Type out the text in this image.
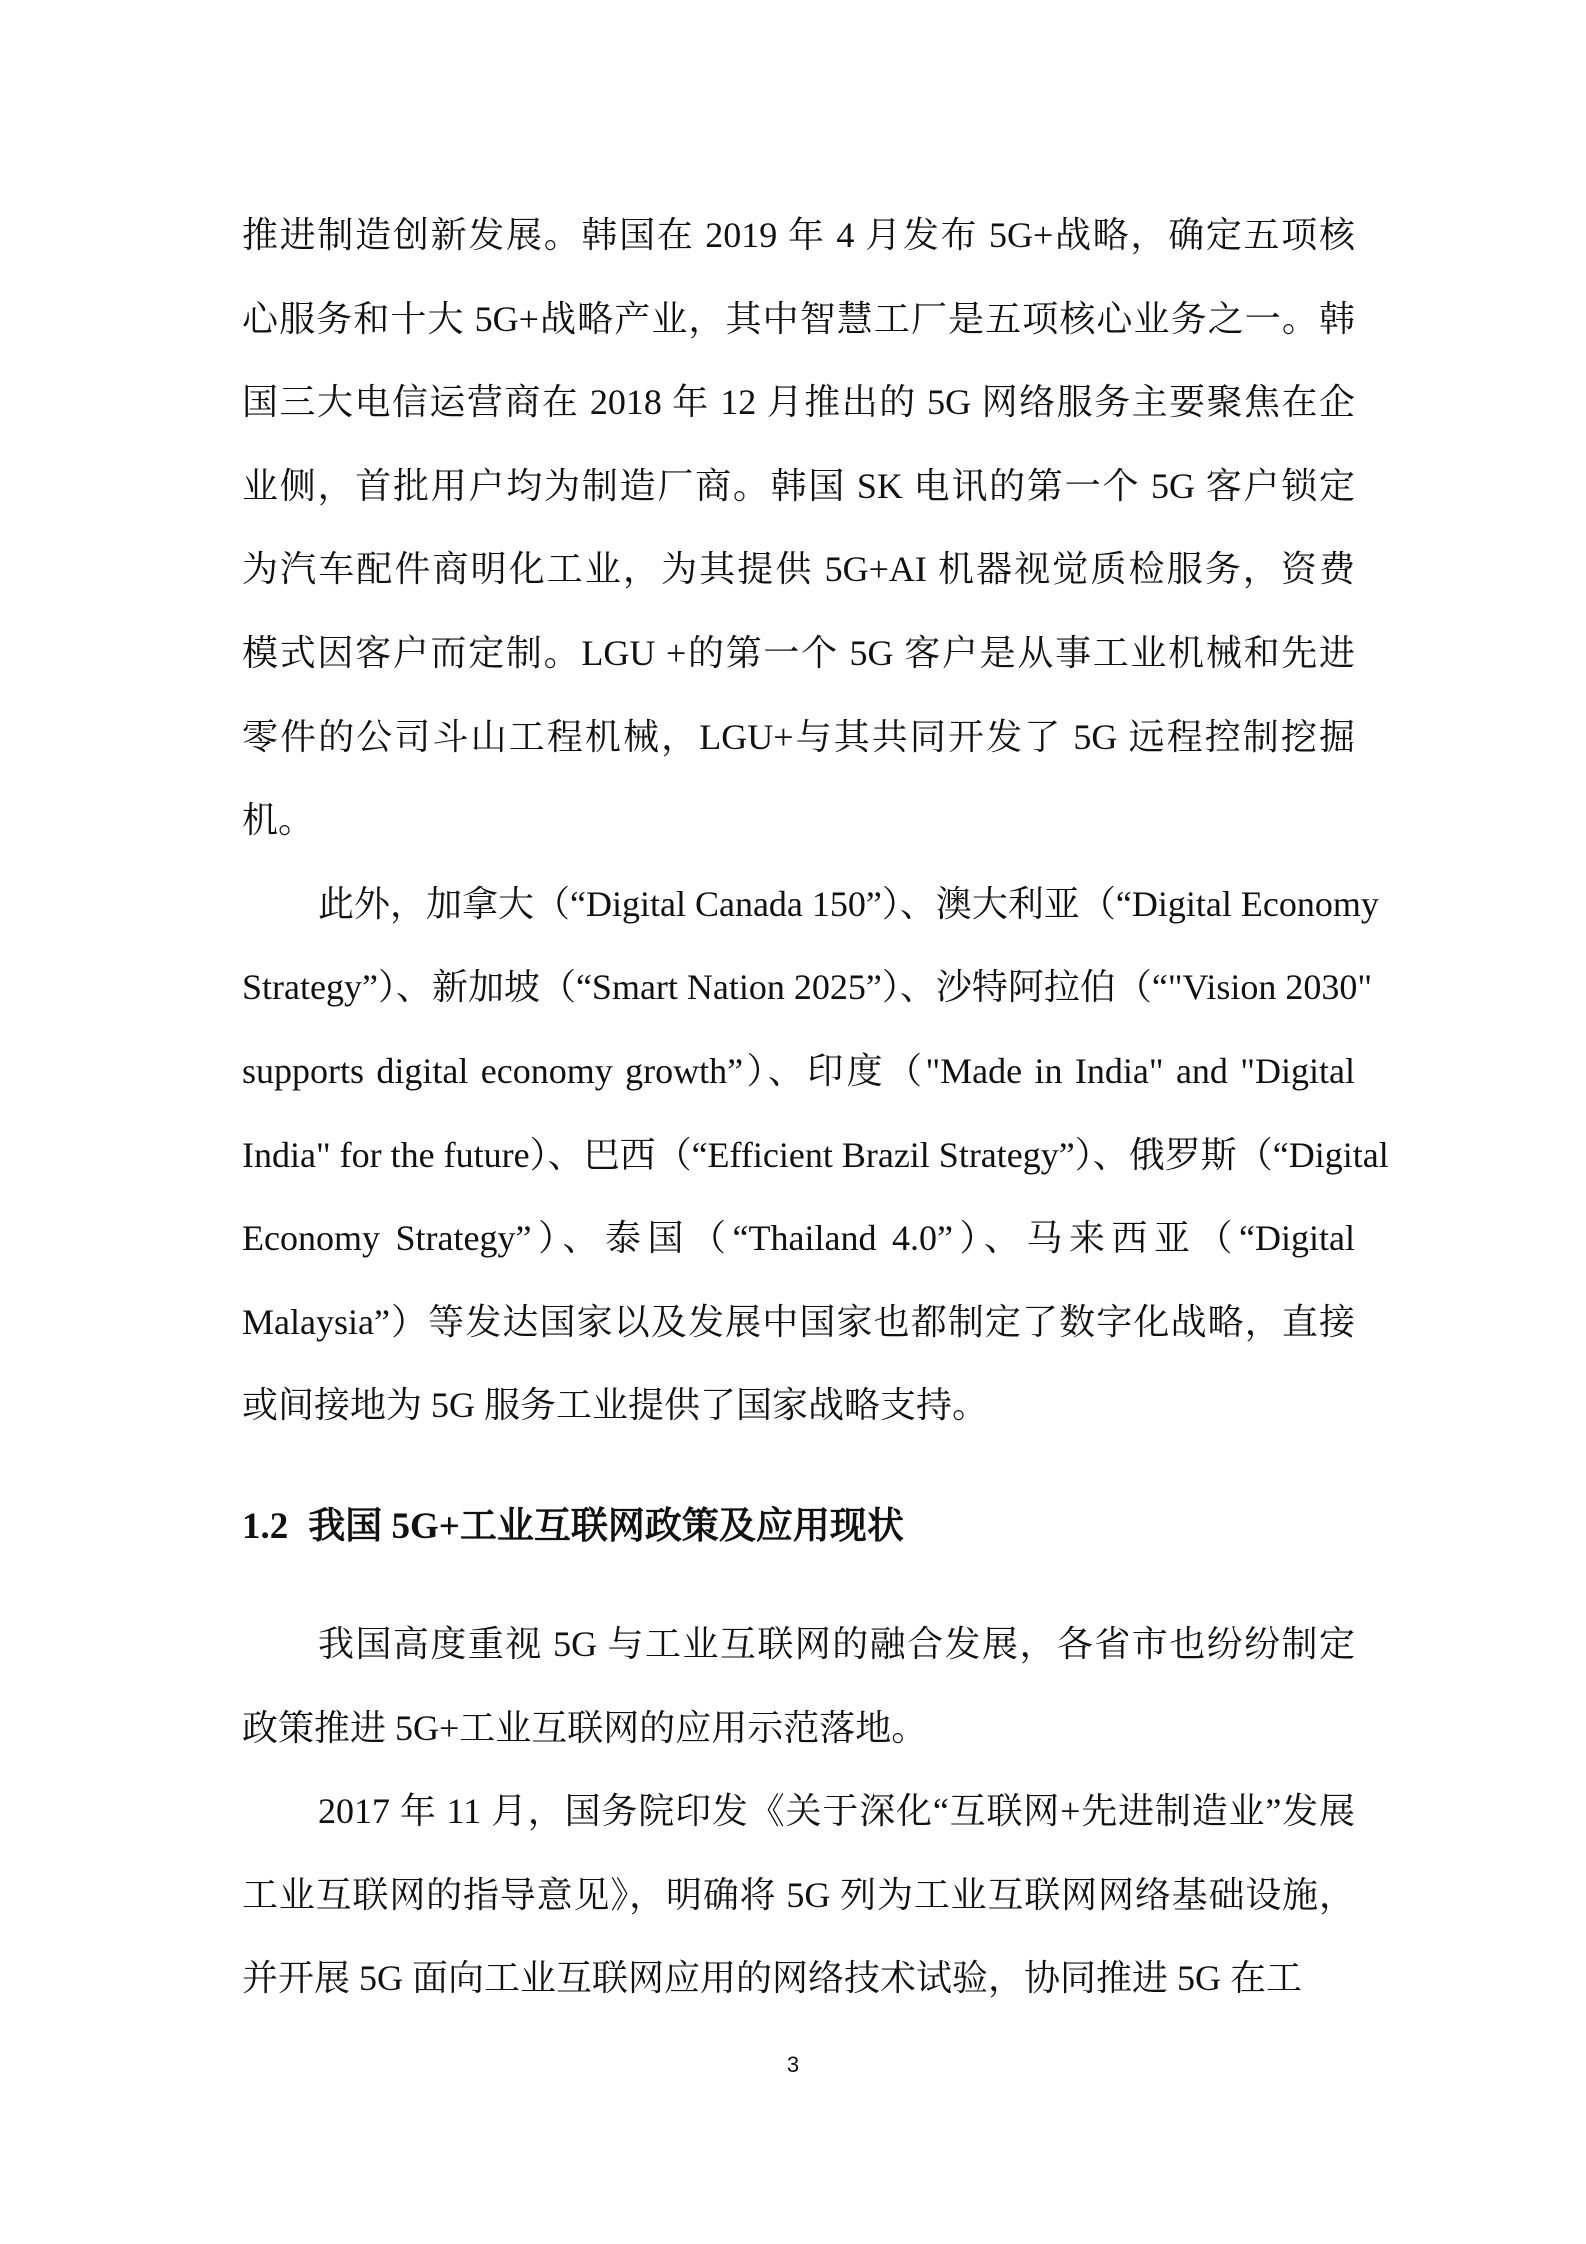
1.2 我国 5G+工业互联网政策及应用现状
3
推进制造创新发展。韩国在 2019 年 4 月发布 5G+战略，确定五项核
心服务和十大 5G+战略产业，其中智慧工厂是五项核心业务之一。韩
国三大电信运营商在 2018 年 12 月推出的 5G 网络服务主要聚焦在企
业侧，首批用户均为制造厂商。韩国 SK 电讯的第一个 5G 客户锁定
为汽车配件商明化工业，为其提供 5G+AI 机器视觉质检服务，资费
模式因客户而定制。LGU +的第一个 5G 客户是从事工业机械和先进
零件的公司斗山工程机械，LGU+与其共同开发了 5G 远程控制挖掘
机。
此外，加拿大（“Digital Canada 150”）、澳大利亚（“Digital Economy
Strategy”）、新加坡（“Smart Nation 2025”）、沙特阿拉伯（“"Vision 2030"
supports digital economy growth”）、印度（"Made in India" and "Digital
India" for the future）、巴西（“Efficient Brazil Strategy”）、俄罗斯（“Digital
Economy Strategy”）、泰国（“Thailand 4.0”）、马来西亚（“Digital
Malaysia”）等发达国家以及发展中国家也都制定了数字化战略，直接
或间接地为 5G 服务工业提供了国家战略支持。
我国高度重视 5G 与工业互联网的融合发展，各省市也纷纷制定
政策推进 5G+工业互联网的应用示范落地。
2017 年 11 月，国务院印发《关于深化“互联网+先进制造业”发展
工业互联网的指导意见》，明确将 5G 列为工业互联网网络基础设施，
并开展 5G 面向工业互联网应用的网络技术试验，协同推进 5G 在工
